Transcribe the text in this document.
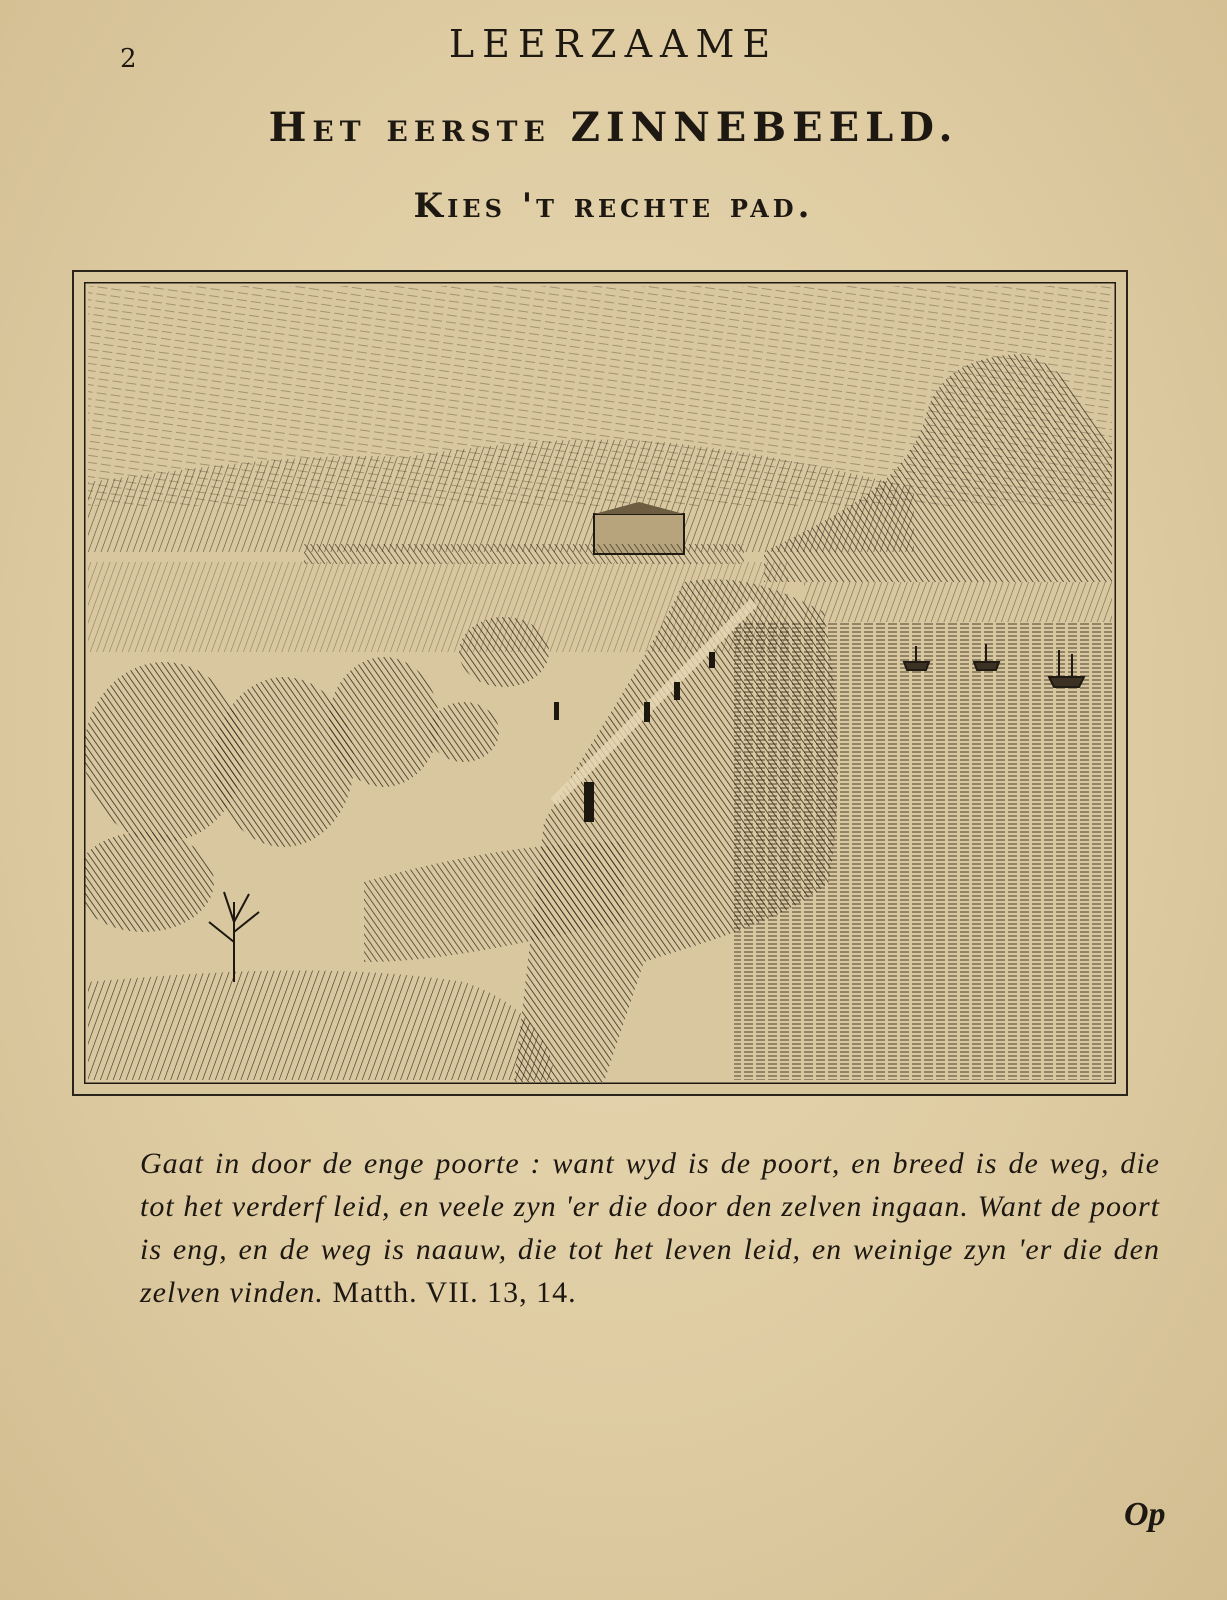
2	LEERZAAME
Het eerste ZINNEBEELD.
Kies 't rechte pad.
Gaat in door de enge poorte : want wyd is de poort, en breed is de weg, die tot het verderf leid, en veele zyn 'er die door den zelven ingaan. Want de poort is eng, en de weg is naauw, die tot het leven leid, en weinige zyn 'er die den zelven vinden. Matth. VII. 13, 14.
Op
